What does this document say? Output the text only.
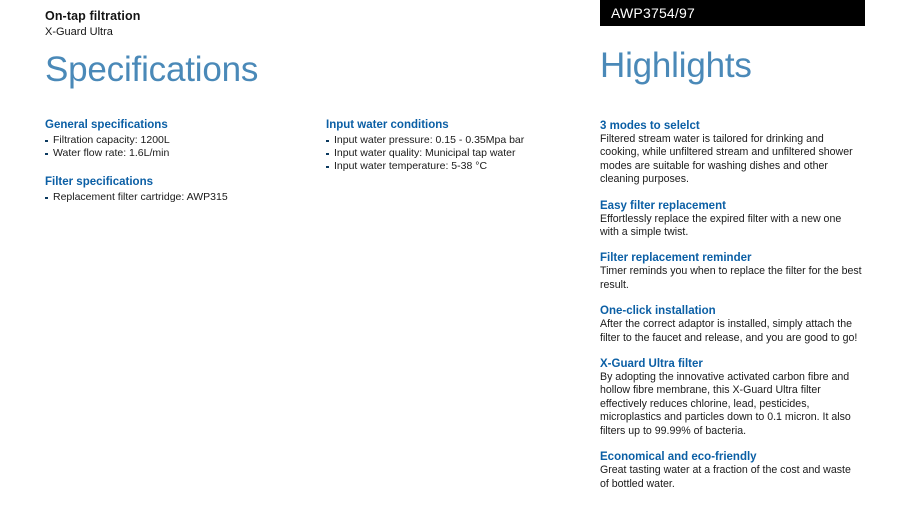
On-tap filtration
X-Guard Ultra
Specifications
General specifications
Filtration capacity: 1200L
Water flow rate: 1.6L/min
Filter specifications
Replacement filter cartridge: AWP315
Input water conditions
Input water pressure: 0.15 - 0.35Mpa bar
Input water quality: Municipal tap water
Input water temperature: 5-38 °C
AWP3754/97
Highlights
3 modes to selelct
Filtered stream water is tailored for drinking and cooking, while unfiltered stream and unfiltered shower modes are suitable for washing dishes and other cleaning purposes.
Easy filter replacement
Effortlessly replace the expired filter with a new one with a simple twist.
Filter replacement reminder
Timer reminds you when to replace the filter for the best result.
One-click installation
After the correct adaptor is installed, simply attach the filter to the faucet and release, and you are good to go!
X-Guard Ultra filter
By adopting the innovative activated carbon fibre and hollow fibre membrane, this X-Guard Ultra filter effectively reduces chlorine, lead, pesticides, microplastics and particles down to 0.1 micron. It also filters up to 99.99% of bacteria.
Economical and eco-friendly
Great tasting water at a fraction of the cost and waste of bottled water.
